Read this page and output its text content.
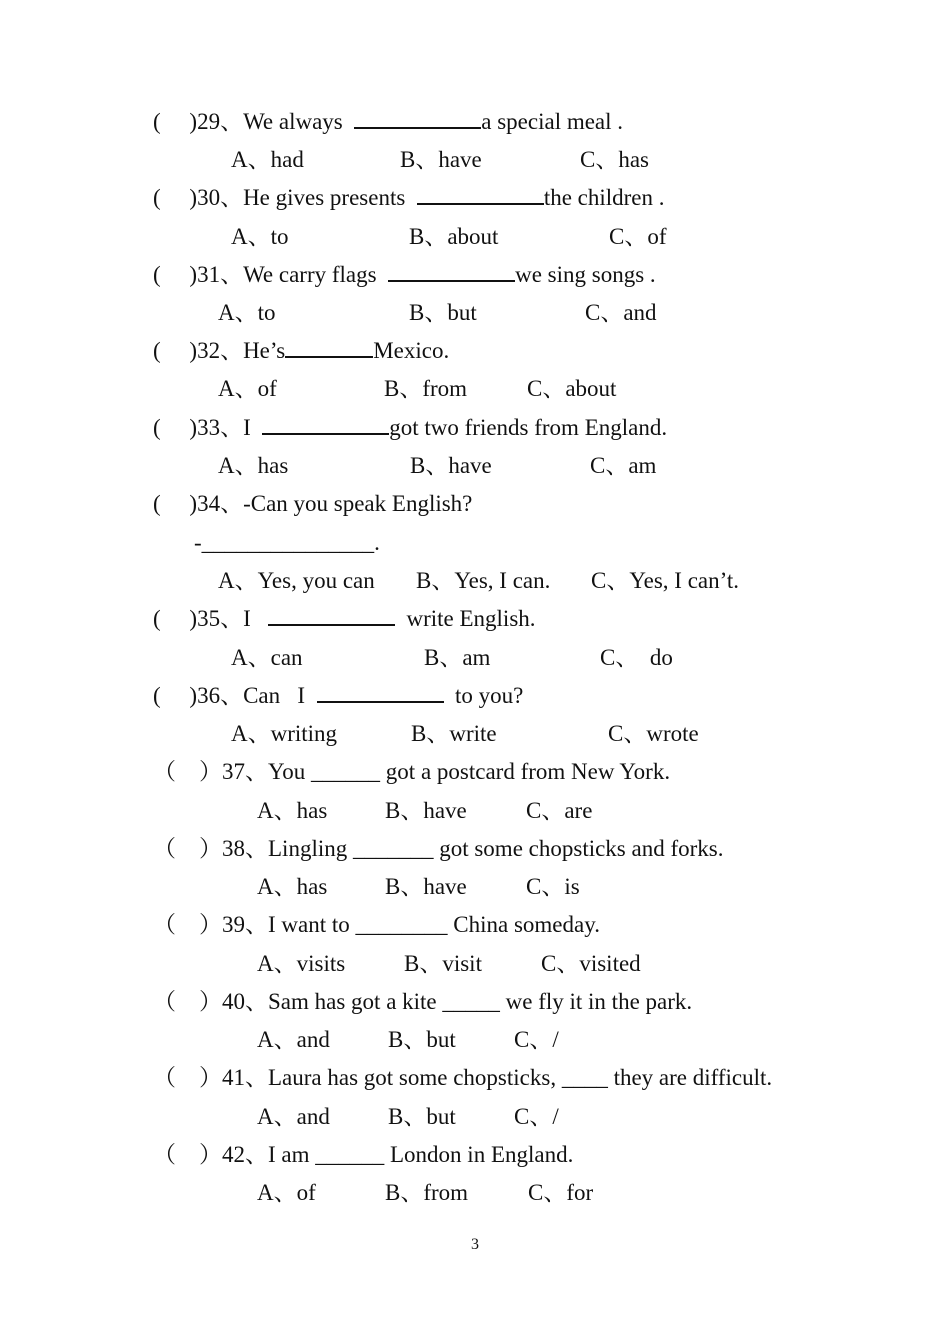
(     )29、We always	a special meal .
A、had	B、have	C、has
(     )30、He gives presents	the children .
A、to	B、about	C、of
(     )31、We carry flags	we sing songs .
A、to	B、but	C、and
(     )32、He’s	Mexico.
A、of	B、from	C、about
(     )33、I	got two friends from England.
A、has	B、have	C、am
(     )34、-Can you speak English?
-_______________.
A、Yes, you can B、Yes, I can. C、Yes, I can’t.
(     )35、I	write English.
A、can	B、am	C、  do
(     )36、Can   I	to you?
A、writing	B、write	C、wrote
（    ）37、You ______ got a postcard from New York.
A、has	B、have	C、are
（    ）38、Lingling _______ got some chopsticks and forks.
A、has	B、have	C、is
（    ）39、I want to ________ China someday.
A、visits	B、visit	C、visited
（    ）40、Sam has got a kite _____ we fly it in the park.
A、and	B、but	C、/
（    ）41、Laura has got some chopsticks, ____ they are difficult.
A、and	B、but	C、/
（    ）42、I am ______ London in England.
A、of	B、from	C、for
3
